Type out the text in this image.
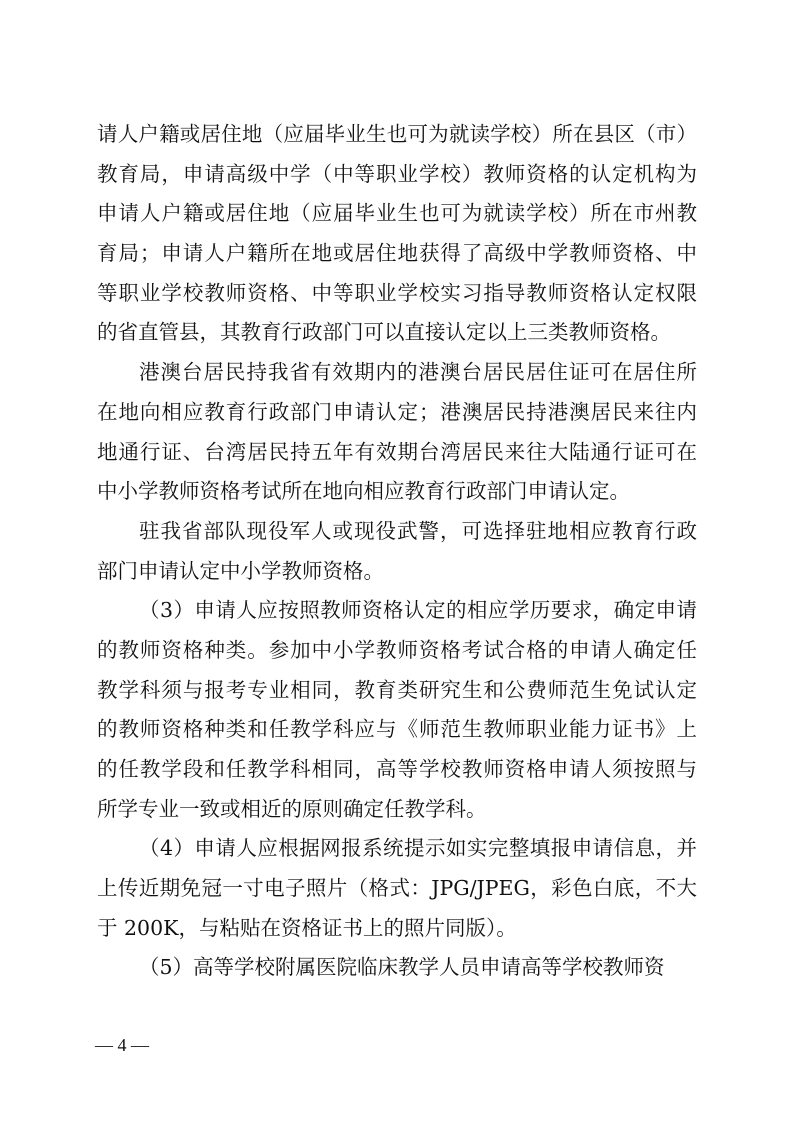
请人户籍或居住地（应届毕业生也可为就读学校）所在县区（市）
教育局，申请高级中学（中等职业学校）教师资格的认定机构为
申请人户籍或居住地（应届毕业生也可为就读学校）所在市州教
育局；申请人户籍所在地或居住地获得了高级中学教师资格、中
等职业学校教师资格、中等职业学校实习指导教师资格认定权限
的省直管县，其教育行政部门可以直接认定以上三类教师资格。
港澳台居民持我省有效期内的港澳台居民居住证可在居住所
在地向相应教育行政部门申请认定；港澳居民持港澳居民来往内
地通行证、台湾居民持五年有效期台湾居民来往大陆通行证可在
中小学教师资格考试所在地向相应教育行政部门申请认定。
驻我省部队现役军人或现役武警，可选择驻地相应教育行政
部门申请认定中小学教师资格。
（3）申请人应按照教师资格认定的相应学历要求，确定申请
的教师资格种类。参加中小学教师资格考试合格的申请人确定任
教学科须与报考专业相同，教育类研究生和公费师范生免试认定
的教师资格种类和任教学科应与《师范生教师职业能力证书》上
的任教学段和任教学科相同，高等学校教师资格申请人须按照与
所学专业一致或相近的原则确定任教学科。
（4）申请人应根据网报系统提示如实完整填报申请信息，并
上传近期免冠一寸电子照片（格式：JPG/JPEG，彩色白底，不大
于 200K，与粘贴在资格证书上的照片同版）。
（5）高等学校附属医院临床教学人员申请高等学校教师资
— 4 —
